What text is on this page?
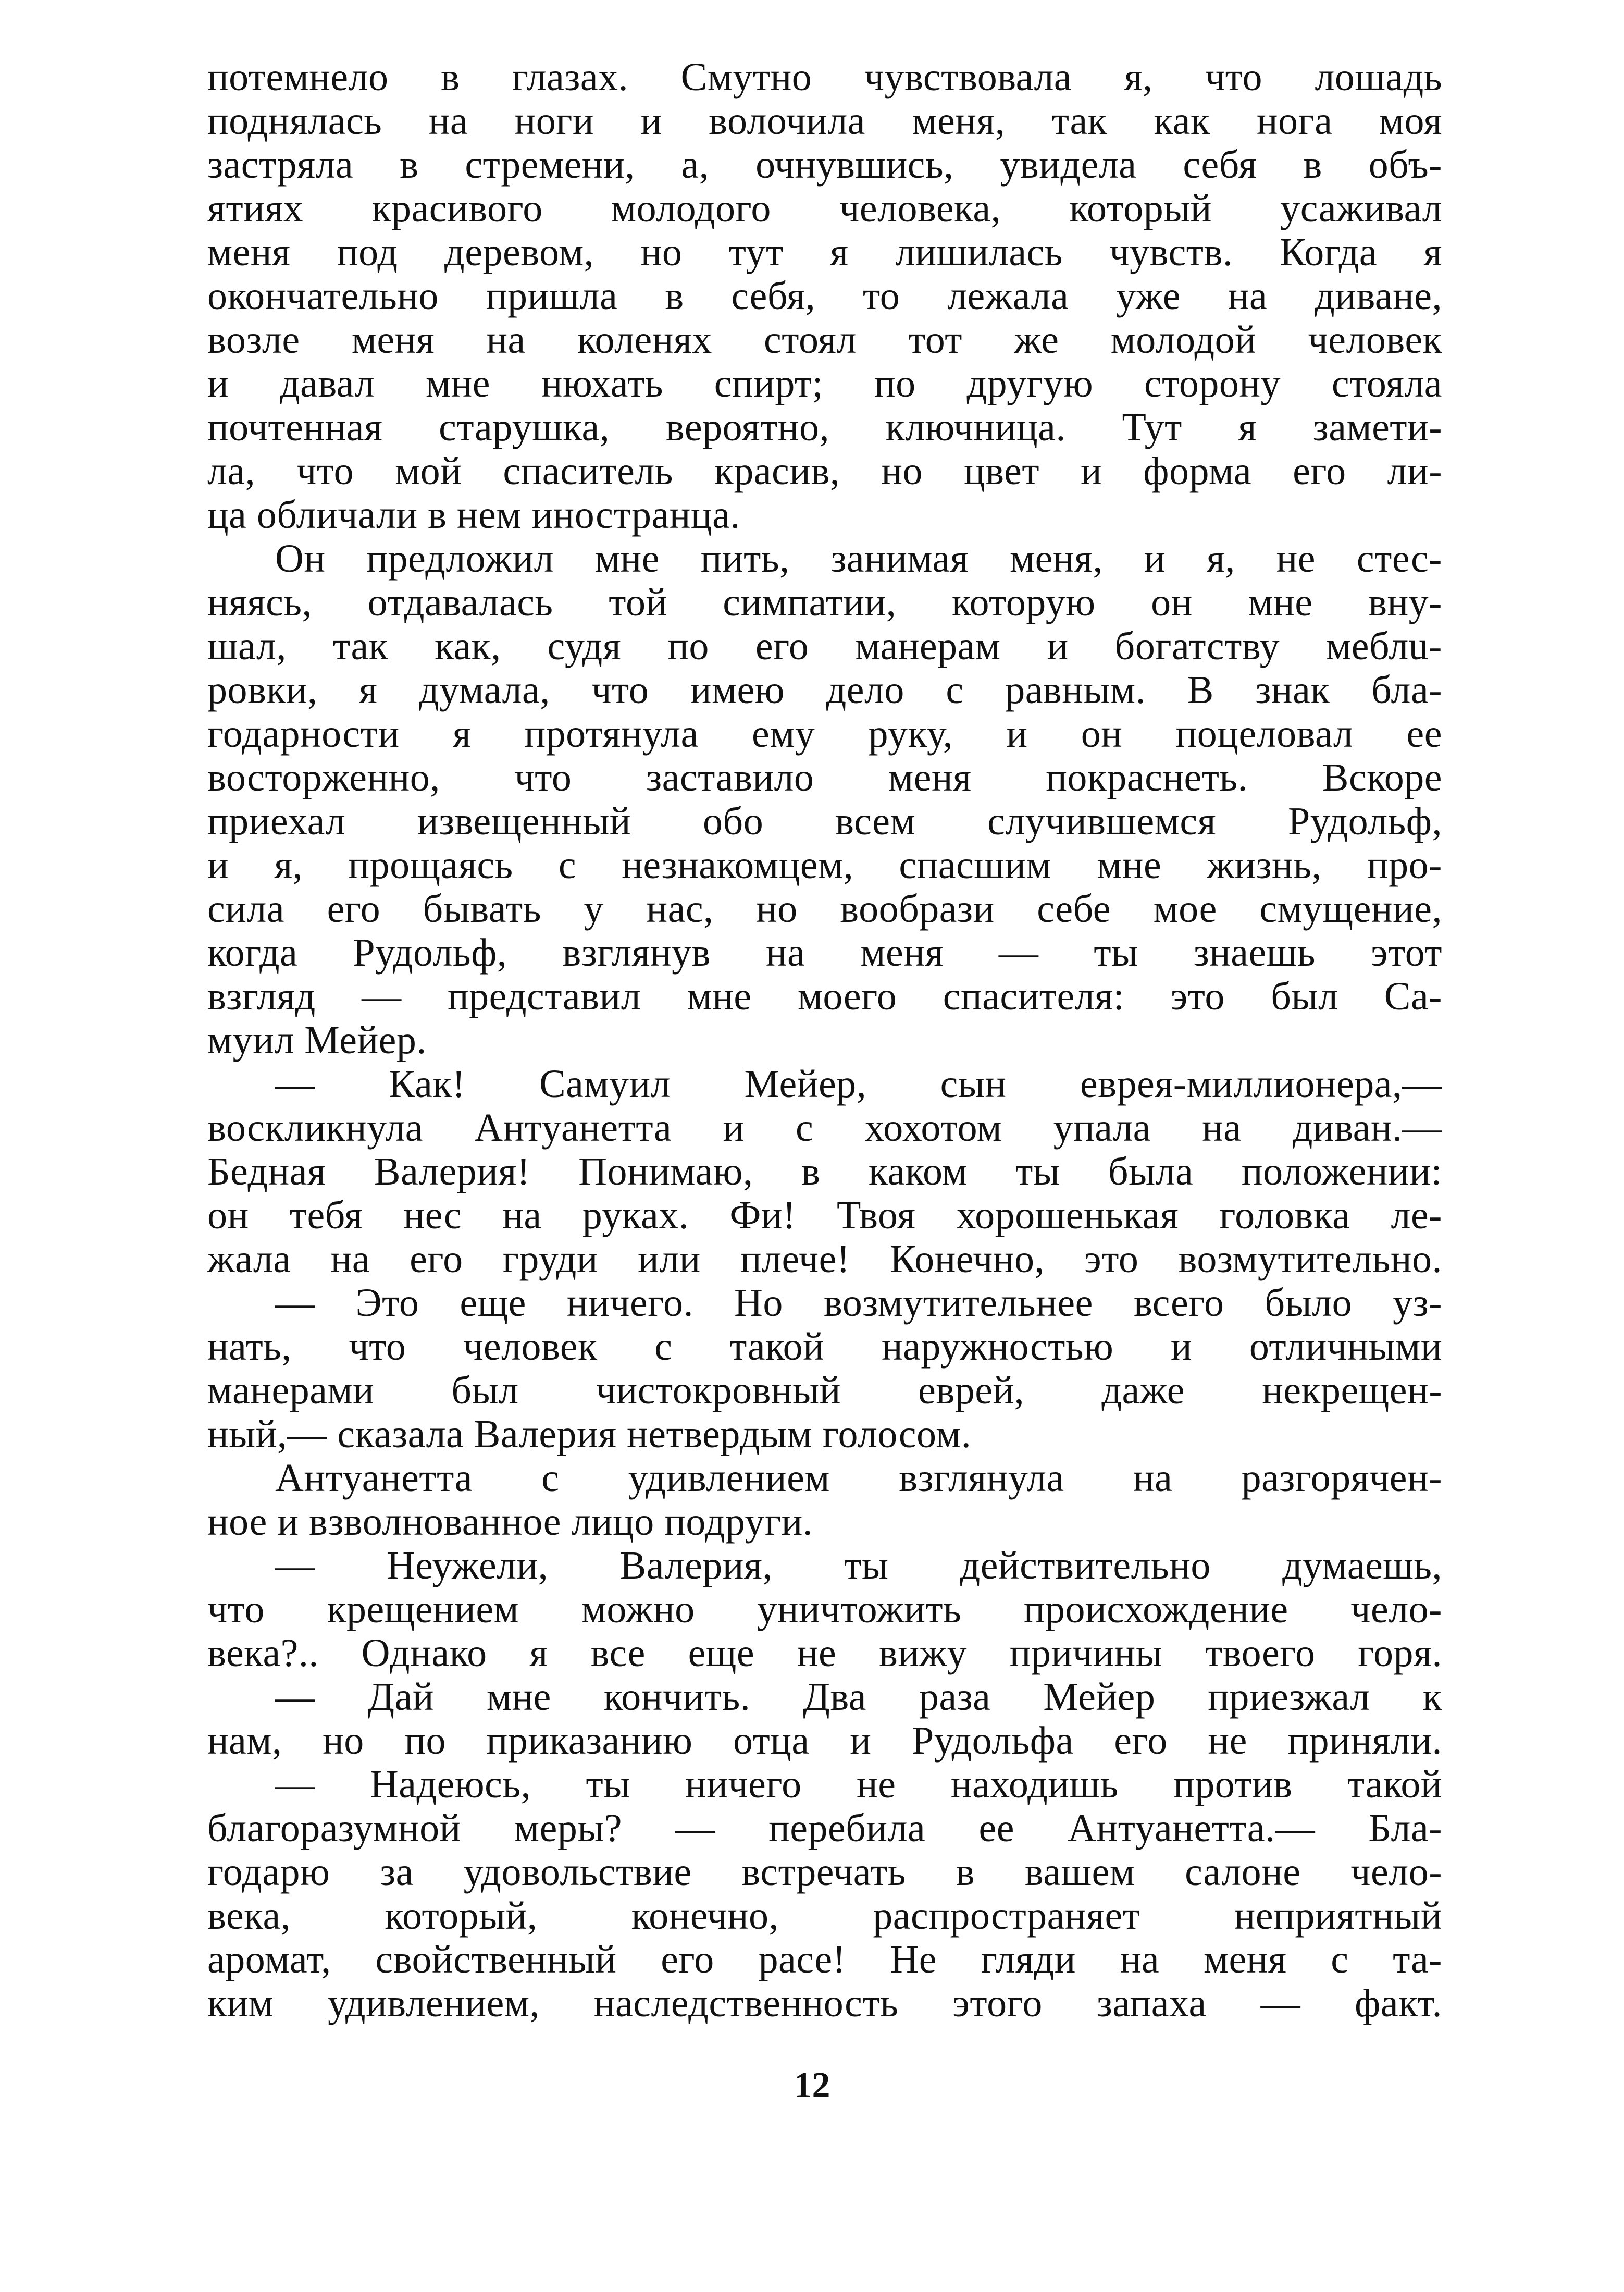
потемнело в глазах. Смутно чувствовала я, что лошадь
поднялась на ноги и волочила меня, так как нога моя
застряла в стремени, а, очнувшись, увидела себя в объ-
ятиях красивого молодого человека, который усаживал
меня под деревом, но тут я лишилась чувств. Когда я
окончательно пришла в себя, то лежала уже на диване,
возле меня на коленях стоял тот же молодой человек
и давал мне нюхать спирт; по другую сторону стояла
почтенная старушка, вероятно, ключница. Тут я замети-
ла, что мой спаситель красив, но цвет и форма его ли-
ца обличали в нем иностранца.
Он предложил мне пить, занимая меня, и я, не стес-
няясь, отдавалась той симпатии, которую он мне вну-
шал, так как, судя по его манерам и богатству меблu-
ровки, я думала, что имею дело с равным. В знак бла-
годарности я протянула ему руку, и он поцеловал ее
восторженно, что заставило меня покраснеть. Вскоре
приехал извещенный обо всем случившемся Рудольф,
и я, прощаясь с незнакомцем, спасшим мне жизнь, про-
сила его бывать у нас, но вообрази себе мое смущение,
когда Рудольф, взглянув на меня — ты знаешь этот
взгляд — представил мне моего спасителя: это был Са-
муил Мейер.
— Как! Самуил Мейер, сын еврея-миллионера,—
воскликнула Антуанетта и с хохотом упала на диван.—
Бедная Валерия! Понимаю, в каком ты была положении:
он тебя нес на руках. Фи! Твоя хорошенькая головка ле-
жала на его груди или плече! Конечно, это возмутительно.
— Это еще ничего. Но возмутительнее всего было уз-
нать, что человек с такой наружностью и отличными
манерами был чистокровный еврей, даже некрещен-
ный,— сказала Валерия нетвердым голосом.
Антуанетта с удивлением взглянула на разгорячен-
ное и взволнованное лицо подруги.
— Неужели, Валерия, ты действительно думаешь,
что крещением можно уничтожить происхождение чело-
века?.. Однако я все еще не вижу причины твоего горя.
— Дай мне кончить. Два раза Мейер приезжал к
нам, но по приказанию отца и Рудольфа его не приняли.
— Надеюсь, ты ничего не находишь против такой
благоразумной меры? — перебила ее Антуанетта.— Бла-
годарю за удовольствие встречать в вашем салоне чело-
века, который, конечно, распространяет неприятный
аромат, свойственный его расе! Не гляди на меня с та-
ким удивлением, наследственность этого запаха — факт.
12
